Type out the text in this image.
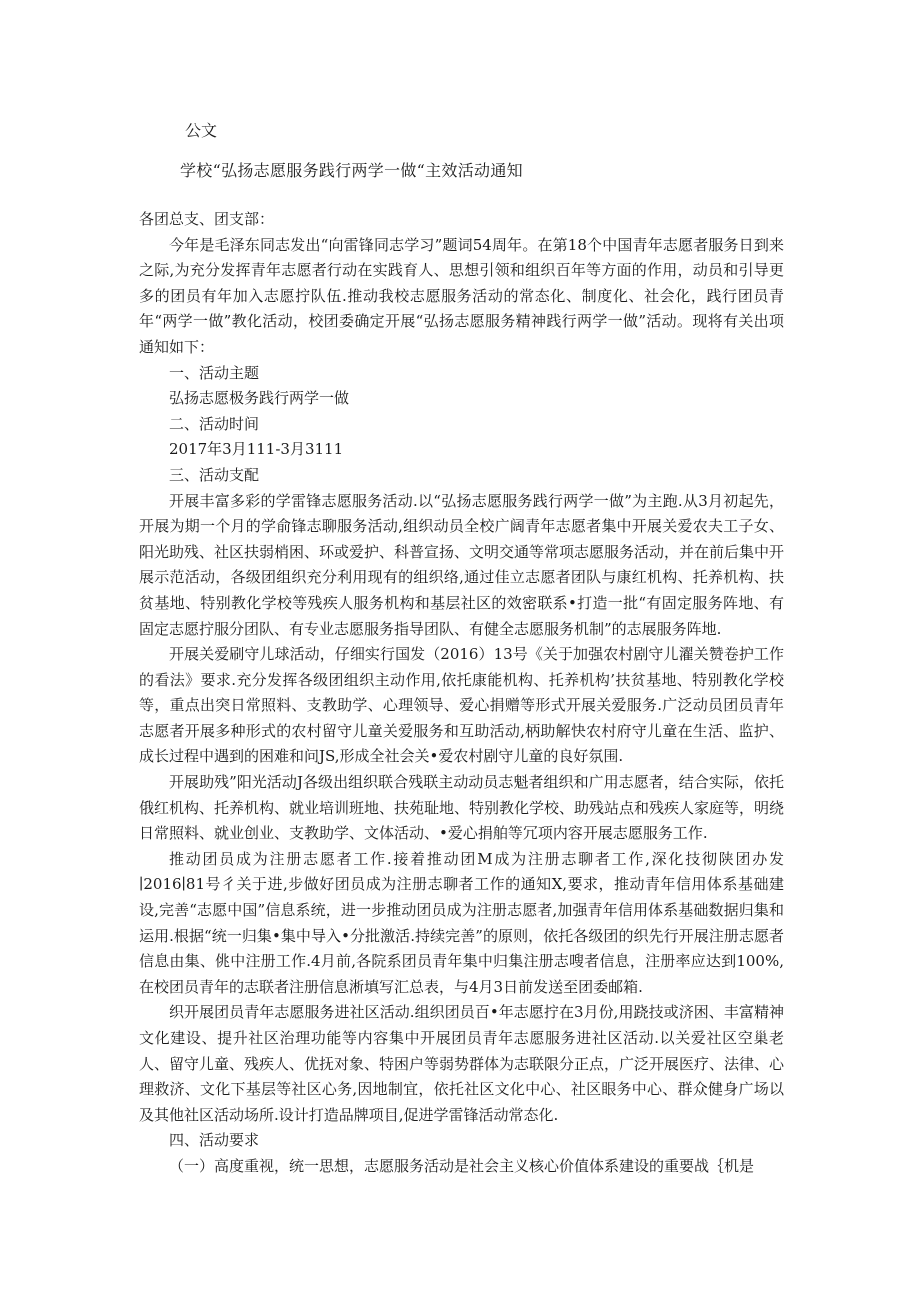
公文
学校“弘扬志愿服务践行两学一做“主效活动通知

各团总支、团支部：

今年是毛泽东同志发出“向雷锋同志学习”题词54周年。在第18个中国青年志愿者服务日到来之际,为充分发挥青年志愿者行动在实践育人、思想引领和组织百年等方面的作用，动员和引导更多的团员有年加入志愿拧队伍.推动我校志愿服务活动的常态化、制度化、社会化，践行团员青年“两学一做”教化活动，校团委确定开展“弘扬志愿服务精神践行两学一做”活动。现将有关出项通知如下：

一、活动主题

弘扬志愿极务践行两学一做

二、活动时间

2017年3月111-3月3111

三、活动支配

开展丰富多彩的学雷锋志愿服务活动.以“弘扬志愿服务践行两学一做”为主跑.从3月初起先，开展为期一个月的学俞锋志聊服务活动,组织动员全校广阔青年志愿者集中开展关爱农夫工子女、阳光助残、社区扶弱梢困、环或爱护、科普宣扬、文明交通等常项志愿服务活动，并在前后集中开展示范活动，各级团组织充分利用现有的组织络,通过佳立志愿者团队与康红机构、托养机构、扶贫基地、特别教化学校等残疾人服务机构和基层社区的效密联系•打造一批“有固定服务阵地、有固定志愿拧服分团队、有专业志愿服务指导团队、有健全志愿服务机制”的志展服务阵地.

开展关爱刷守儿球活动，仔细实行国发（2016）13号《关于加强农村剧守儿濯关赞卷护工作的看法》要求.充分发挥各级团组织主动作用,依托康能机构、托养机构’扶贫基地、特别教化学校等，重点出突日常照料、支教助学、心理领导、爱心捐赠等形式开展关爱服务.广泛动员团员青年志愿者开展多种形式的农村留守儿童关爱服务和互助活动,柄助解快农村府守儿童在生活、监护、成长过程中遇到的困难和问JS,形成全社会关•爱农村剧守儿童的良好氛围.

开展助残”阳光活动J各级出组织联合残联主动动员志魁者组织和广用志愿者，结合实际，依托俄红机构、托养机构、就业培训班地、扶苑耻地、特别教化学校、助残站点和残疾人家庭等，明绕日常照料、就业创业、支教助学、文体活动、•爱心捐舶等冗项内容开展志愿服务工作.

推动团员成为注册志愿者工作.接着推动团M成为注册志聊者工作,深化技彻陕团办发∣2016∣81号彳关于进,步做好团员成为注册志聊者工作的通知X,要求，推动青年信用体系基础建设,完善“志愿中国”信息系统，进一步推动团员成为注册志愿者,加强青年信用体系基础数据归集和运用.根据“统一归集•集中导入•分批激活.持续完善”的原则，依托各级团的织先行开展注册志愿者信息由集、佻中注册工作.4月前,各院系团员青年集中归集注册志嗖者信息，注册率应达到100%,在校团员青年的志联者注册信息淅填写汇总表，与4月3日前发送至团委邮箱.

织开展团员青年志愿服务进社区活动.组织团员百•年志愿拧在3月份,用跷技或济困、丰富精神文化建设、提升社区治理功能等内容集中开展团员青年志愿服务进社区活动.以关爱社区空巢老人、留守儿童、残疾人、优抚对象、特困户等弱势群体为志联限分正点，广泛开展医疗、法律、心理救济、文化下基层等社区心务,因地制宜，依托社区文化中心、社区眼务中心、群众健身广场以及其他社区活动场所.设计打造品牌项目,促进学雷锋活动常态化.

四、活动要求

（一）高度重视，统一思想，志愿服务活动是社会主义核心价值体系建设的重要战｛机是
